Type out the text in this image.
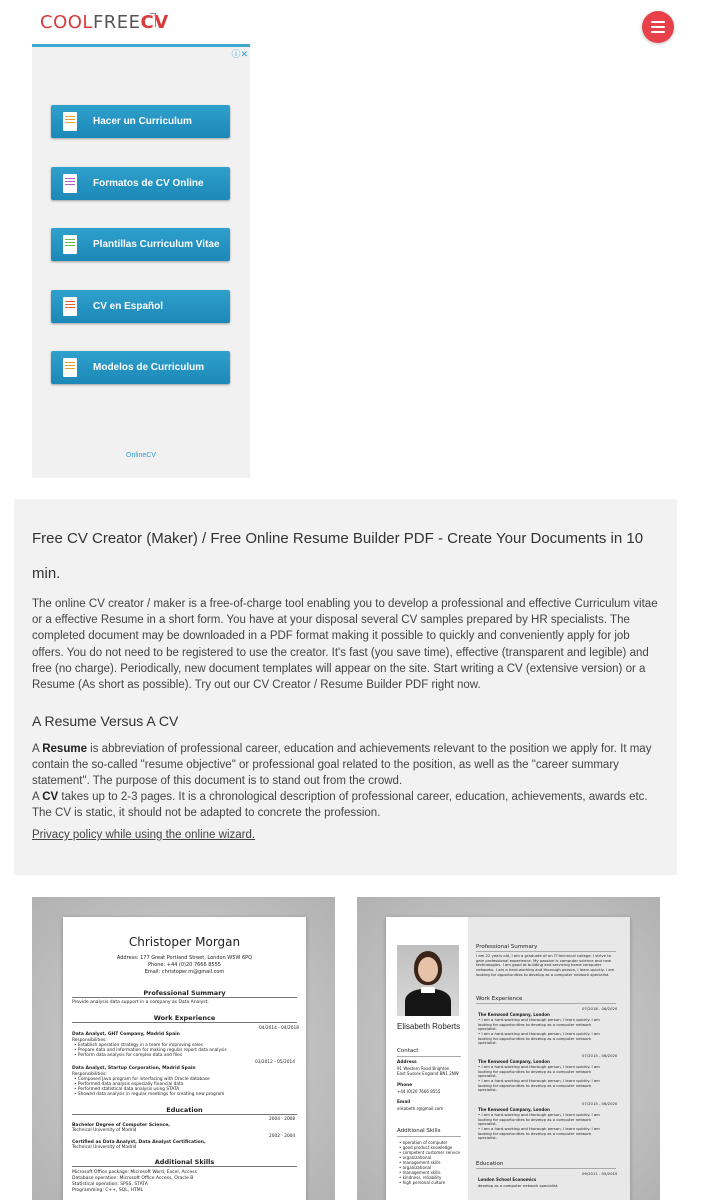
COOLFREECV
ⓘ✕
Hacer un Curriculum
Formatos de CV Online
Plantillas Curriculum Vitae
CV en Español
Modelos de Curriculum
OnlineCV
Free CV Creator (Maker) / Free Online Resume Builder PDF - Create Your Documents in 10 min.

The online CV creator / maker is a free-of-charge tool enabling you to develop a professional and effective Curriculum vitae or a effective Resume in a short form. You have at your disposal several CV samples prepared by HR specialists. The completed document may be downloaded in a PDF format making it possible to quickly and conveniently apply for job offers. You do not need to be registered to use the creator. It's fast (you save time), effective (transparent and legible) and free (no charge). Periodically, new document templates will appear on the site. Start writing a CV (extensive version) or a Resume (As short as possible). Try out our CV Creator / Resume Builder PDF right now.

A Resume Versus A CV

A Resume is abbreviation of professional career, education and achievements relevant to the position we apply for. It may contain the so-called "resume objective" or professional goal related to the position, as well as the "career summary statement". The purpose of this document is to stand out from the crowd.

A CV takes up to 2-3 pages. It is a chronological description of professional career, education, achievements, awards etc. The CV is static, it should not be adapted to concrete the profession.

Privacy policy while using the online wizard.
Christoper Morgan
Address: 177 Great Portland Street, London W5W 6PQ
Phone: +44 (0)20 7666 8555
Email: christoper.m@gmail.com
Professional Summary
Provide analysis data support in a company as Data Analyst.
Work Experience
04/2014 - 04/2018
Data Analyst, GHT Company, Madrid Spain
Responsibilities:
• Establish operation strategy in a team for improving sales
• Prepare data and information for making regular report data analysis
• Perform data analysis for complex data and files
03/2012 - 05/2014
Data Analyst, Startup Corporation, Madrid Spain
Responsibilities:
• Composed Java program for interfacing with Oracle database
• Performed data analysis especially financial data
• Performed statistical data analysis using STATA
• Showed data analysis in regular meetings for creating new program
Education
2004 - 2008
Bachelor Degree of Computer Science,
Technical University of Madrid
2002 - 2004
Certified as Data Analyst, Data Analyst Certification,
Technical University of Madrid
Additional Skills
Microsoft Office package: Microsoft Word, Excel, Access
Database operation: Microsoft Office Access, Oracle B
Statistical operation: SPSS, STATA
Programming: C++, SQL, HTML
Elisabeth Roberts
Contact
Address
91 Western Road Brighton East Sussex England BN1 2NW
Phone
+44 (0)20 7666 8555
Email
elisabeth.r@gmail.com
Additional Skills
• operation of computer
• good product knowledge
• competent customer service
• organizational
• management skills
• organizational
• management skills
• kindness, reliability
• high personal culture
Professional Summary
I am 22 years old, I am a graduate of an IT technical college. I strive to gain professional experience. My passion is computer science and new technologies. I am good at building and servicing home computer networks. I am a hard-working and thorough person, I learn quickly. I am looking for opportunities to develop as a computer network specialist.
Work Experience
07/2018 - 06/2020
The Kenwood Company, London
• I am a hard-working and thorough person, I learn quickly. I am looking for opportunities to develop as a computer network specialist.
• I am a hard-working and thorough person, I learn quickly. I am looking for opportunities to develop as a computer network specialist.
07/2015 - 06/2020
The Kenwood Company, London
• I am a hard-working and thorough person, I learn quickly. I am looking for opportunities to develop as a computer network specialist.
• I am a hard-working and thorough person, I learn quickly. I am looking for opportunities to develop as a computer network specialist.
07/2015 - 06/2020
The Kenwood Company, London
• I am a hard-working and thorough person, I learn quickly. I am looking for opportunities to develop as a computer network specialist.
• I am a hard-working and thorough person, I learn quickly. I am looking for opportunities to develop as a computer network specialist.
Education
09/2011 - 05/2015
London School Economics
develop as a computer network specialist.
